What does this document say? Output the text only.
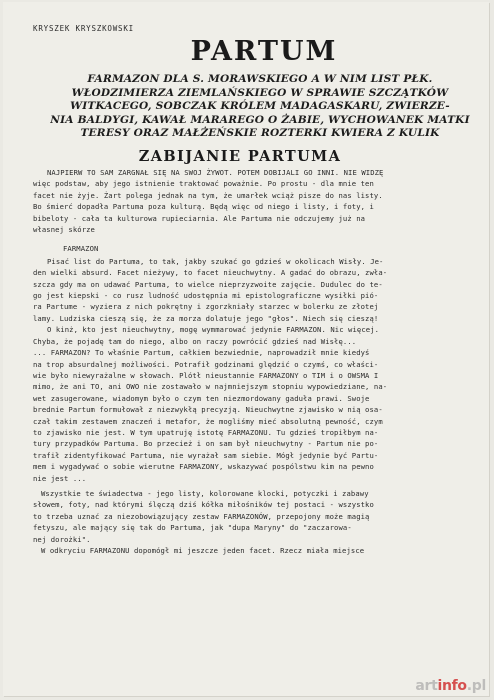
KRYSZEK KRYSZKOWSKI
PARTUM
FARMAZON DLA S. MORAWSKIEGO A W NIM LIST PŁK.
WŁODZIMIERZA ZIEMLAŃSKIEGO W SPRAWIE SZCZĄTKÓW
WITKACEGO, SOBCZAK KRÓLEM MADAGASKARU, ZWIERZE-
NIA BALDYGI, KAWAŁ MARAREGO O ŻABIE, WYCHOWANEK MATKI
TERESY ORAZ MAŁŻEŃSKIE ROZTERKI KWIERA Z KULIK
ZABIJANIE PARTUMA

NAJPIERW TO SAM ZARGNAŁ SIĘ NA SWOJ ŻYWOT. POTEM DOBIJALI GO INNI. NIE WIDZĘ
więc podstaw, aby jego istnienie traktować poważnie. Po prostu - dla mnie ten
facet nie żyje. Żart polega jednak na tym, że umarłek wciąż pisze do nas listy.
Bo śmierć dopadła Partuma poza kulturą. Będą więc od niego i listy, i foty, i
bibeloty - cała ta kulturowa rupieciarnia. Ale Partuma nie odczujemy już na
własnej skórze

FARMAZON

Pisać list do Partuma, to tak, jakby szukać go gdzieś w okolicach Wisły. Je-
den wielki absurd. Facet nieżywy, to facet nieuchwytny. A gadać do obrazu, zwła-
szcza gdy ma on udawać Partuma, to wielce nieprzyzwoite zajęcie. Dudulec do te-
go jest kiepski - co rusz ludność udostępnia mi epistolograficzne wysiłki pió-
ra Partume - wyziera z nich pokrętny i zgorzkniały starzec w bolerku ze złotej
lamy. Ludziska cieszą się, że za morza dolatuje jego "głos". Niech się cieszą!
O kinż, kto jest nieuchwytny, mogę wymmarować jedynie FARMAZON. Nic więcej.
Chyba, że pojadę tam do niego, albo on raczy powrócić gdzieś nad Wisłę...
... FARMAZON? To właśnie Partum, całkiem bezwiednie, naprowadził mnie kiedyś
na trop absurdalnej możliwości. Potrafił godzinami ględzić o czymś, co właści-
wie było niewyrażalne w słowach. Plótł nieustannie FARMAZONY o TIM i o OWSMA I
mimo, że ani TO, ani OWO nie zostawało w najmniejszym stopniu wypowiedziane, na-
wet zasugerowane, wiadomym było o czym ten niezmordowany gaduła prawi. Swoje
brednie Partum formułował z niezwykłą precyzją. Nieuchwytne zjawisko w nią osa-
czał takim zestawem znaczeń i metafor, że mogliśmy mieć absolutną pewność, czym
to zjawisko nie jest. W tym upatruję istotę FARMAZONU. Tu gdzieś tropiłbym na-
tury przypadków Partuma. Bo przecież i on sam był nieuchwytny - Partum nie po-
trafił zidentyfikować Partuma, nie wyrażał sam siebie. Mógł jedynie być Partu-
mem i wygadywać o sobie wierutne FARMAZONY, wskazywać pospólstwu kim na pewno
nie jest ...

Wszystkie te świadectwa - jego listy, kolorowane klocki, potyczki i zabawy
słowem, foty, nad którymi ślęczą dziś kółka miłośników tej postaci - wszystko
to trzeba uznać za niezobowiązujący zestaw FARMAZONÓW, przepojony może magią
fetyszu, ale mający się tak do Partuma, jak "dupa Maryny" do "zaczarowa-
nej dorożki".

W odkryciu FARMAZONU dopomógł mi jeszcze jeden facet. Rzecz miała miejsce

artinfo.pl
